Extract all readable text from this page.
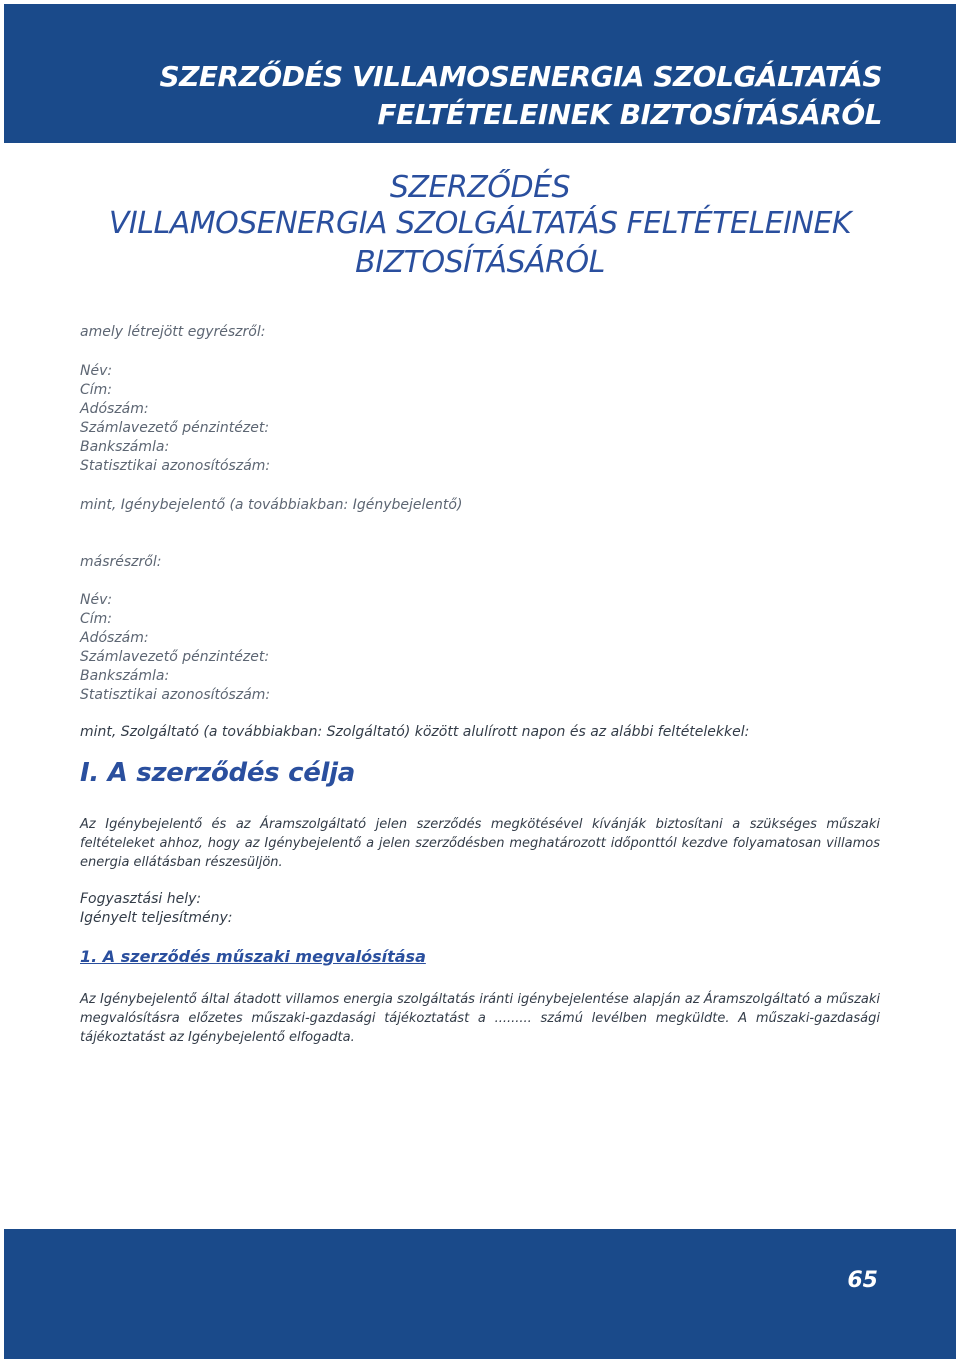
SZERZŐDÉS VILLAMOSENERGIA SZOLGÁLTATÁS
FELTÉTELEINEK BIZTOSÍTÁSÁRÓL
SZERZŐDÉS
VILLAMOSENERGIA SZOLGÁLTATÁS FELTÉTELEINEK
BIZTOSÍTÁSÁRÓL
amely létrejött egyrészről:
Név:
Cím:
Adószám:
Számlavezető pénzintézet:
Bankszámla:
Statisztikai azonosítószám:
mint, Igénybejelentő (a továbbiakban: Igénybejelentő)
másrészről:
Név:
Cím:
Adószám:
Számlavezető pénzintézet:
Bankszámla:
Statisztikai azonosítószám:
mint, Szolgáltató (a továbbiakban: Szolgáltató) között alulírott napon és az alábbi feltételekkel:
I. A szerződés célja

Az Igénybejelentő és az Áramszolgáltató jelen szerződés megkötésével kívánják biztosítani a szükséges műszaki feltételeket ahhoz, hogy az Igénybejelentő a jelen szerződésben meghatározott időponttól kezdve folyamatosan villamos energia ellátásban részesüljön.

Fogyasztási hely:
Igényelt teljesítmény:
1. A szerződés műszaki megvalósítása

Az Igénybejelentő által átadott villamos energia szolgáltatás iránti igénybejelentése alapján az Áramszolgáltató a műszaki megvalósításra előzetes műszaki-gazdasági tájékoztatást a ......... számú levélben megküldte. A műszaki-gazdasági tájékoztatást az Igénybejelentő elfogadta.

65
